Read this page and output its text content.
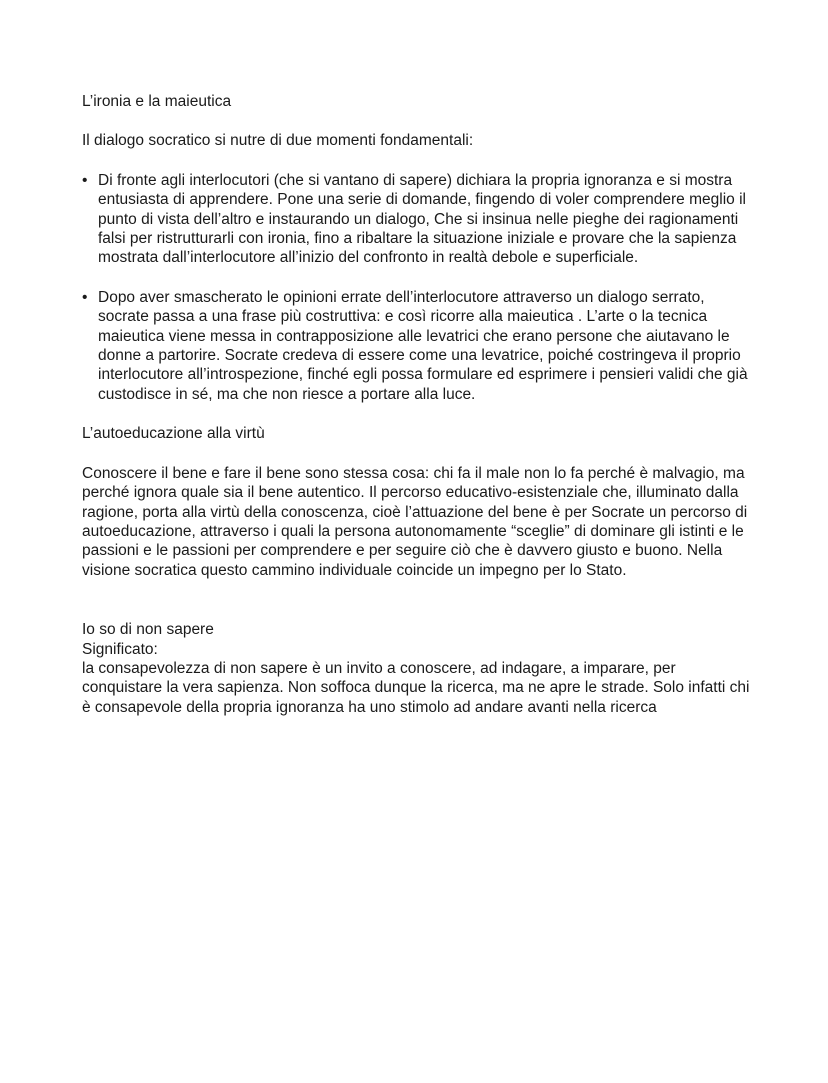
L’ironia e la maieutica

Il dialogo socratico si nutre di due momenti fondamentali:

• Di fronte agli interlocutori (che si vantano di sapere) dichiara la propria ignoranza e si mostra entusiasta di apprendere. Pone una serie di domande, fingendo di voler comprendere meglio il punto di vista dell’altro e instaurando un dialogo, Che si insinua nelle pieghe dei ragionamenti falsi per ristrutturarli con ironia, fino a ribaltare la situazione iniziale e provare che la sapienza mostrata dall’interlocutore all’inizio del confronto in realtà debole e superficiale.
• Dopo aver smascherato le opinioni errate dell’interlocutore attraverso un dialogo serrato, socrate passa a una frase più costruttiva: e così ricorre alla maieutica . L’arte o la tecnica maieutica viene messa in contrapposizione alle levatrici che erano persone che aiutavano le donne a partorire. Socrate credeva di essere come una levatrice, poiché costringeva il proprio interlocutore all’introspezione, finché egli possa formulare ed esprimere i pensieri validi che già custodisce in sé, ma che non riesce a portare alla luce.

L’autoeducazione alla virtù

Conoscere il bene e fare il bene sono stessa cosa: chi fa il male non lo fa perché è malvagio, ma perché ignora quale sia il bene autentico. Il percorso educativo-esistenziale che, illuminato dalla ragione, porta alla virtù della conoscenza, cioè l’attuazione del bene è per Socrate un percorso di autoeducazione, attraverso i quali la persona autonomamente “sceglie” di dominare gli istinti e le passioni e le passioni per comprendere e per seguire ciò che è davvero giusto e buono. Nella visione socratica questo cammino individuale coincide un impegno per lo Stato.

Io so di non sapere

Significato:

la consapevolezza di non sapere è un invito a conoscere, ad indagare, a imparare, per conquistare la vera sapienza. Non soffoca dunque la ricerca, ma ne apre le strade. Solo infatti chi è consapevole della propria ignoranza ha uno stimolo ad andare avanti nella ricerca
